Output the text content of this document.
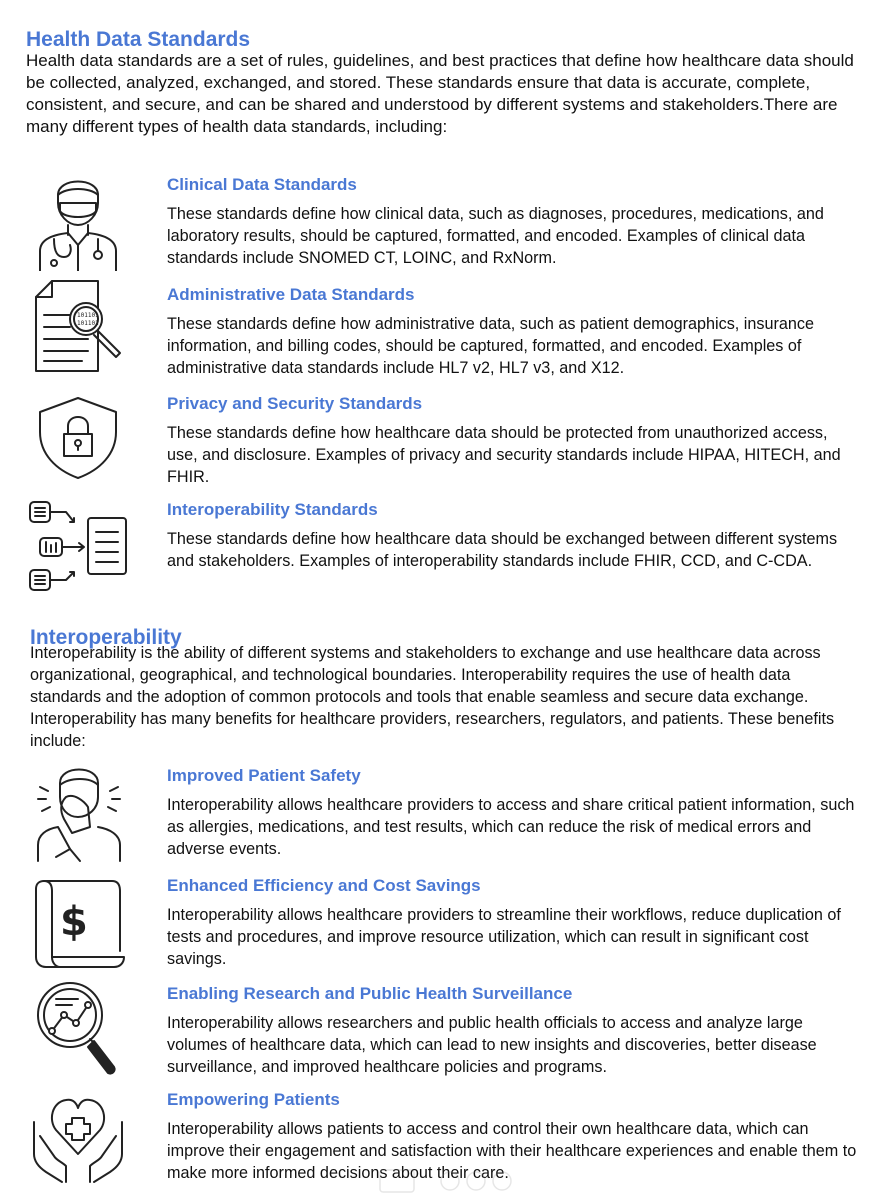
Health Data Standards
Health data standards are a set of rules, guidelines, and best practices that define how healthcare data should be collected, analyzed, exchanged, and stored. These standards ensure that data is accurate, complete, consistent, and secure, and can be shared and understood by different systems and stakeholders.There are many different types of health data standards, including:
Clinical Data Standards
These standards define how clinical data, such as diagnoses, procedures, medications, and laboratory results, should be captured, formatted, and encoded. Examples of clinical data standards include SNOMED CT, LOINC, and RxNorm.
101101
101101
Administrative Data Standards
These standards define how administrative data, such as patient demographics, insurance information, and billing codes, should be captured, formatted, and encoded. Examples of administrative data standards include HL7 v2, HL7 v3, and X12.
Privacy and Security Standards
These standards define how healthcare data should be protected from unauthorized access, use, and disclosure. Examples of privacy and security standards include HIPAA, HITECH, and FHIR.
Interoperability Standards
These standards define how healthcare data should be exchanged between different systems and stakeholders. Examples of interoperability standards include FHIR, CCD, and C-CDA.
Interoperability
Interoperability is the ability of different systems and stakeholders to exchange and use healthcare data across organizational, geographical, and technological boundaries. Interoperability requires the use of health data standards and the adoption of common protocols and tools that enable seamless and secure data exchange. Interoperability has many benefits for healthcare providers, researchers, regulators, and patients. These benefits include:
Improved Patient Safety
Interoperability allows healthcare providers to access and share critical patient information, such as allergies, medications, and test results, which can reduce the risk of medical errors and adverse events.
$
Enhanced Efficiency and Cost Savings
Interoperability allows healthcare providers to streamline their workflows, reduce duplication of tests and procedures, and improve resource utilization, which can result in significant cost savings.
Enabling Research and Public Health Surveillance
Interoperability allows researchers and public health officials to access and analyze large volumes of healthcare data, which can lead to new insights and discoveries, better disease surveillance, and improved healthcare policies and programs.
Empowering Patients
Interoperability allows patients to access and control their own healthcare data, which can improve their engagement and satisfaction with their healthcare experiences and enable them to make more informed decisions about their care.
